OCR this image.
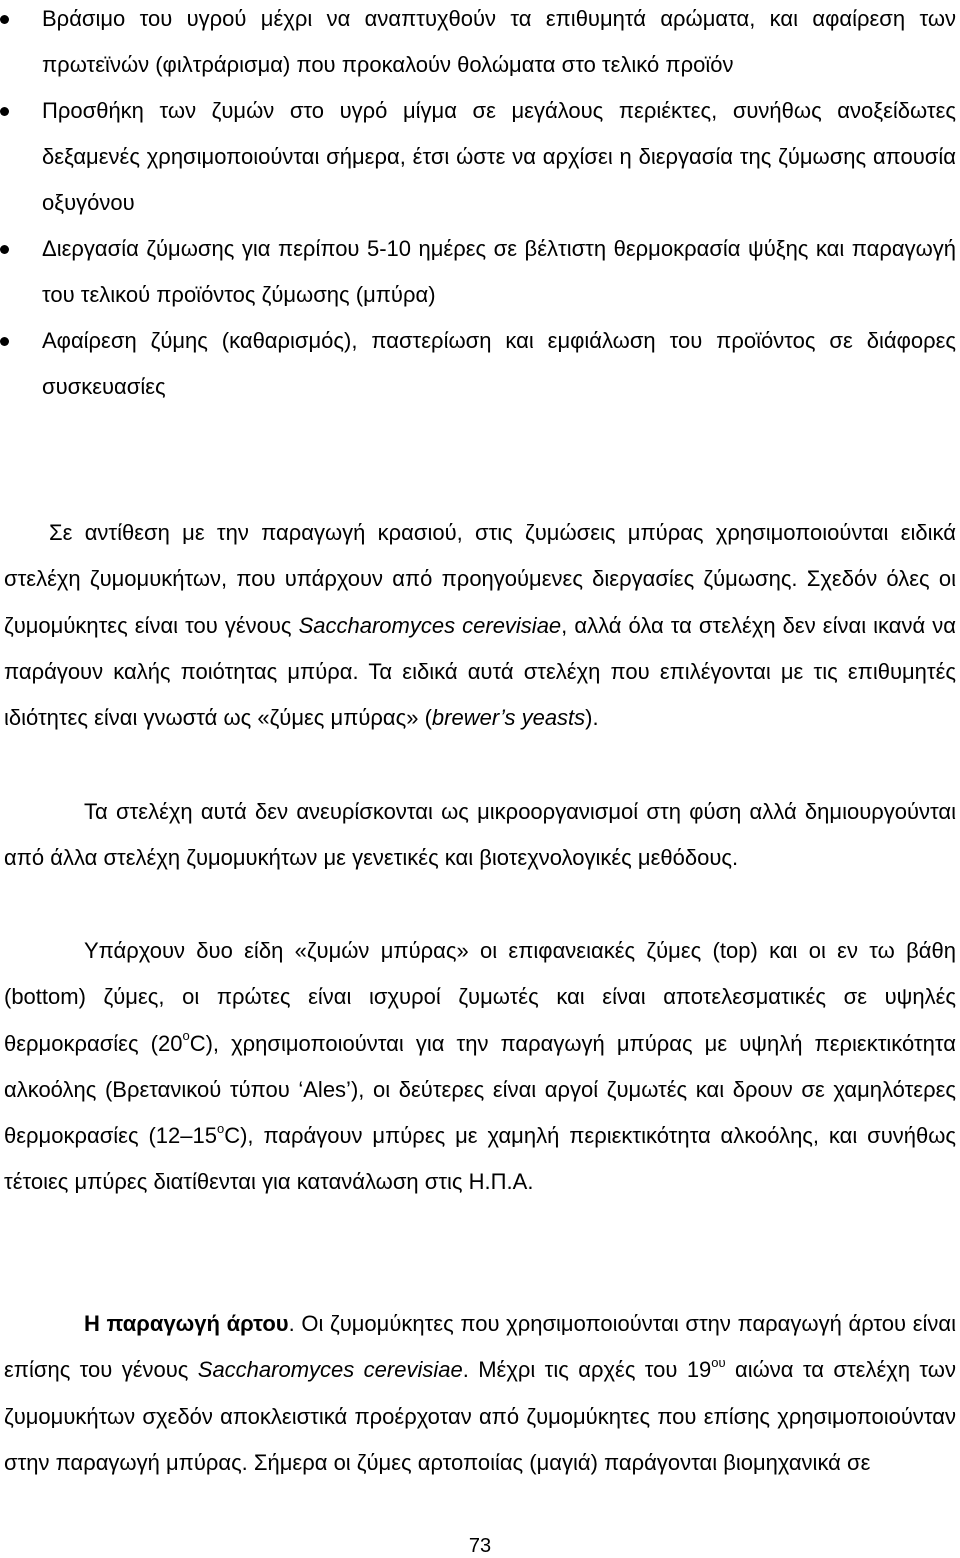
Βράσιμο του υγρού μέχρι να αναπτυχθούν τα επιθυμητά αρώματα, και αφαίρεση των πρωτεϊνών (φιλτράρισμα) που προκαλούν θολώματα στο τελικό προϊόν
Προσθήκη των ζυμών στο υγρό μίγμα σε μεγάλους περιέκτες, συνήθως ανοξείδωτες δεξαμενές χρησιμοποιούνται σήμερα, έτσι ώστε να αρχίσει η διεργασία της ζύμωσης απουσία οξυγόνου
Διεργασία ζύμωσης για περίπου 5-10 ημέρες σε βέλτιστη θερμοκρασία ψύξης και παραγωγή του τελικού προϊόντος ζύμωσης (μπύρα)
Αφαίρεση ζύμης (καθαρισμός), παστερίωση και εμφιάλωση του προϊόντος σε διάφορες συσκευασίες

Σε αντίθεση με την παραγωγή κρασιού, στις ζυμώσεις μπύρας χρησιμοποιούνται ειδικά στελέχη ζυμομυκήτων, που υπάρχουν από προηγούμενες διεργασίες ζύμωσης. Σχεδόν όλες οι ζυμομύκητες είναι του γένους Saccharomyces cerevisiae, αλλά όλα τα στελέχη δεν είναι ικανά να παράγουν καλής ποιότητας μπύρα. Τα ειδικά αυτά στελέχη που επιλέγονται με τις επιθυμητές ιδιότητες είναι γνωστά ως «ζύμες μπύρας» (brewer’s yeasts).

Τα στελέχη αυτά δεν ανευρίσκονται ως μικροοργανισμοί στη φύση αλλά δημιουργούνται από άλλα στελέχη ζυμομυκήτων με γενετικές και βιοτεχνολογικές μεθόδους.

Υπάρχουν δυο είδη «ζυμών μπύρας» οι επιφανειακές ζύμες (top) και οι εν τω βάθη (bottom) ζύμες, οι πρώτες είναι ισχυροί ζυμωτές και είναι αποτελεσματικές σε υψηλές θερμοκρασίες $(20^oC)$, χρησιμοποιούνται για την παραγωγή μπύρας με υψηλή περιεκτικότητα αλκοόλης (Βρετανικού τύπου ‘Ales’), οι δεύτερες είναι αργοί ζυμωτές και δρουν σε χαμηλότερες θερμοκρασίες $(12-15^oC)$, παράγουν μπύρες με χαμηλή περιεκτικότητα αλκοόλης, και συνήθως τέτοιες μπύρες διατίθενται για κατανάλωση στις Η.Π.Α.

Η παραγωγή άρτου. Οι ζυμομύκητες που χρησιμοποιούνται στην παραγωγή άρτου είναι επίσης του γένους Saccharomyces cerevisiae. Μέχρι τις αρχές του $19^{o\upsilon}$ αιώνα τα στελέχη των ζυμομυκήτων σχεδόν αποκλειστικά προέρχοταν από ζυμομύκητες που επίσης χρησιμοποιούνταν στην παραγωγή μπύρας. Σήμερα οι ζύμες αρτοποιίας (μαγιά) παράγονται βιομηχανικά σε

73
